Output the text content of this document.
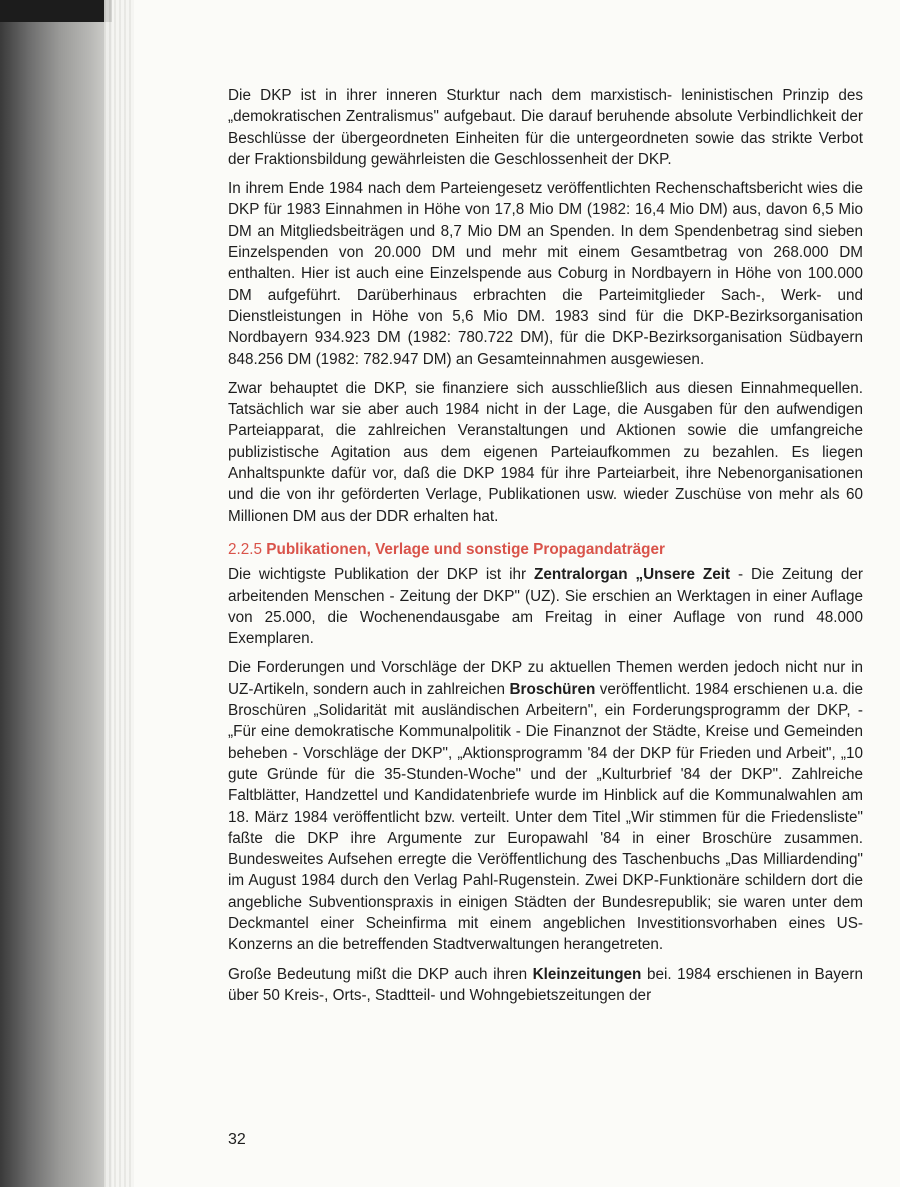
Die DKP ist in ihrer inneren Sturktur nach dem marxistisch- leninistischen Prinzip des „demokratischen Zentralismus" aufgebaut. Die darauf beruhende absolute Verbindlichkeit der Beschlüsse der übergeordneten Einheiten für die untergeordneten sowie das strikte Verbot der Fraktionsbildung gewährleisten die Geschlossenheit der DKP.

In ihrem Ende 1984 nach dem Parteiengesetz veröffentlichten Rechenschaftsbericht wies die DKP für 1983 Einnahmen in Höhe von 17,8 Mio DM (1982: 16,4 Mio DM) aus, davon 6,5 Mio DM an Mitgliedsbeiträgen und 8,7 Mio DM an Spenden. In dem Spendenbetrag sind sieben Einzelspenden von 20.000 DM und mehr mit einem Gesamtbetrag von 268.000 DM enthalten. Hier ist auch eine Einzelspende aus Coburg in Nordbayern in Höhe von 100.000 DM aufgeführt. Darüberhinaus erbrachten die Parteimitglieder Sach-, Werk- und Dienstleistungen in Höhe von 5,6 Mio DM. 1983 sind für die DKP-Bezirksorganisation Nordbayern 934.923 DM (1982: 780.722 DM), für die DKP-Bezirksorganisation Südbayern 848.256 DM (1982: 782.947 DM) an Gesamteinnahmen ausgewiesen.

Zwar behauptet die DKP, sie finanziere sich ausschließlich aus diesen Einnahmequellen. Tatsächlich war sie aber auch 1984 nicht in der Lage, die Ausgaben für den aufwendigen Parteiapparat, die zahlreichen Veranstaltungen und Aktionen sowie die umfangreiche publizistische Agitation aus dem eigenen Parteiaufkommen zu bezahlen. Es liegen Anhaltspunkte dafür vor, daß die DKP 1984 für ihre Parteiarbeit, ihre Nebenorganisationen und die von ihr geförderten Verlage, Publikationen usw. wieder Zuschüse von mehr als 60 Millionen DM aus der DDR erhalten hat.

2.2.5 Publikationen, Verlage und sonstige Propagandaträger

Die wichtigste Publikation der DKP ist ihr Zentralorgan „Unsere Zeit - Die Zeitung der arbeitenden Menschen - Zeitung der DKP" (UZ). Sie erschien an Werktagen in einer Auflage von 25.000, die Wochenendausgabe am Freitag in einer Auflage von rund 48.000 Exemplaren.

Die Forderungen und Vorschläge der DKP zu aktuellen Themen werden jedoch nicht nur in UZ-Artikeln, sondern auch in zahlreichen Broschüren veröffentlicht. 1984 erschienen u.a. die Broschüren „Solidarität mit ausländischen Arbeitern", ein Forderungsprogramm der DKP, - „Für eine demokratische Kommunalpolitik - Die Finanznot der Städte, Kreise und Gemeinden beheben - Vorschläge der DKP", „Aktionsprogramm '84 der DKP für Frieden und Arbeit", „10 gute Gründe für die 35-Stunden-Woche" und der „Kulturbrief '84 der DKP". Zahlreiche Faltblätter, Handzettel und Kandidatenbriefe wurde im Hinblick auf die Kommunalwahlen am 18. März 1984 veröffentlicht bzw. verteilt. Unter dem Titel „Wir stimmen für die Friedensliste" faßte die DKP ihre Argumente zur Europawahl '84 in einer Broschüre zusammen. Bundesweites Aufsehen erregte die Veröffentlichung des Taschenbuchs „Das Milliardending" im August 1984 durch den Verlag Pahl-Rugenstein. Zwei DKP-Funktionäre schildern dort die angebliche Subventionspraxis in einigen Städten der Bundesrepublik; sie waren unter dem Deckmantel einer Scheinfirma mit einem angeblichen Investitionsvorhaben eines US-Konzerns an die betreffenden Stadtverwaltungen herangetreten.

Große Bedeutung mißt die DKP auch ihren Kleinzeitungen bei. 1984 erschienen in Bayern über 50 Kreis-, Orts-, Stadtteil- und Wohngebietszeitungen der

32
